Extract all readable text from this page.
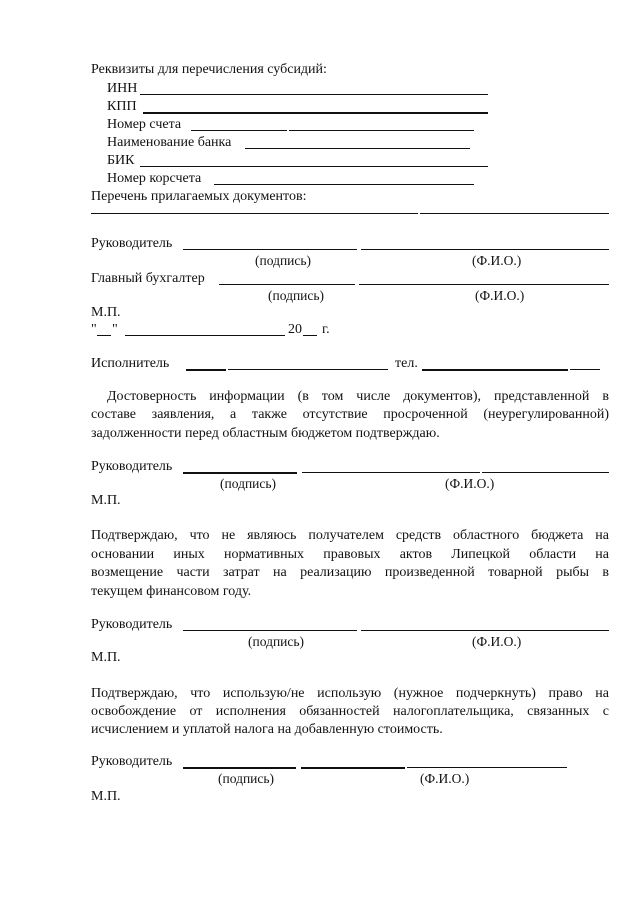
Реквизиты для перечисления субсидий:
ИНН
КПП
Номер счета
Наименование банка
БИК
Номер корсчета
Перечень прилагаемых документов:
Руководитель
(подпись)	(Ф.И.О.)
Главный бухгалтер
(подпись)	(Ф.И.О.)
М.П.
" "	20 г.
Исполнитель	тел.
Достоверность информации (в том числе документов), представленной в
составе заявления, а также отсутствие просроченной (неурегулированной)
задолженности перед областным бюджетом подтверждаю.
Руководитель
(подпись)	(Ф.И.О.)
М.П.
Подтверждаю, что не являюсь получателем средств областного бюджета на
основании иных нормативных правовых актов Липецкой области на
возмещение части затрат на реализацию произведенной товарной рыбы в
текущем финансовом году.
Руководитель
(подпись)	(Ф.И.О.)
М.П.
Подтверждаю, что использую/не использую (нужное подчеркнуть) право на
освобождение от исполнения обязанностей налогоплательщика, связанных с
исчислением и уплатой налога на добавленную стоимость.
Руководитель
(подпись)	(Ф.И.О.)
М.П.
